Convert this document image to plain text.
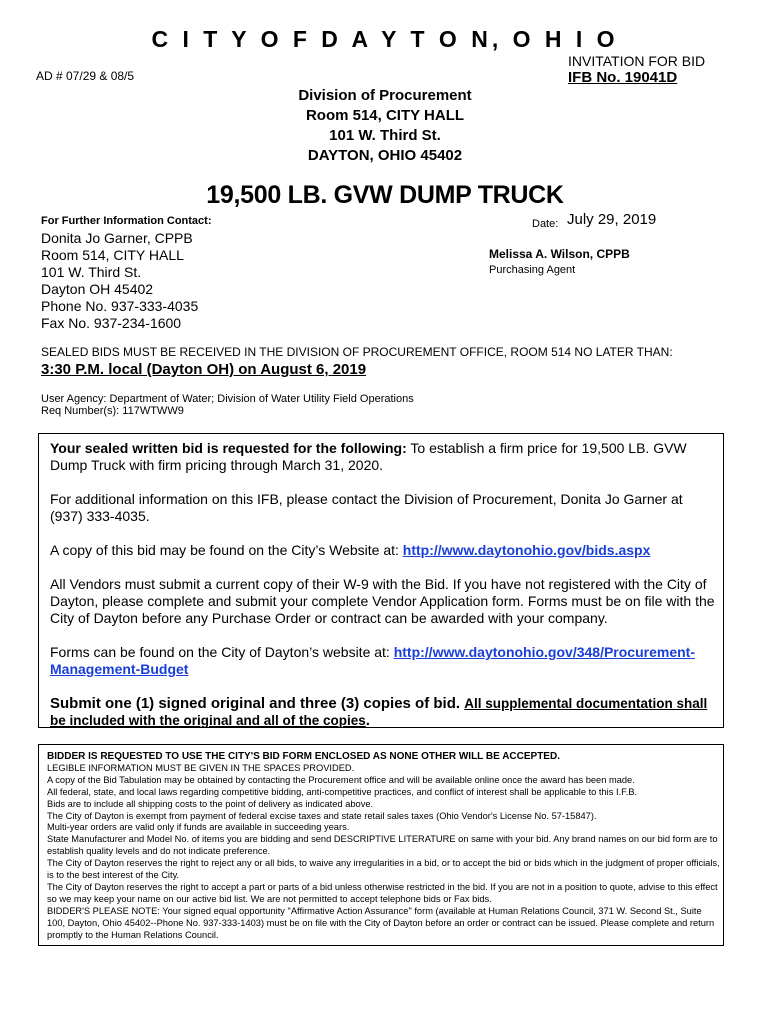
C I T Y O F D A Y T O N, O H I O
INVITATION FOR BID
IFB No. 19041D
AD # 07/29 & 08/5
Division of Procurement
Room 514, CITY HALL
101 W. Third St.
DAYTON, OHIO 45402
19,500 LB. GVW DUMP TRUCK
For Further Information Contact:	Date: July 29, 2019
Donita Jo Garner, CPPB
Room 514, CITY HALL
101 W. Third St.
Dayton OH 45402
Phone No. 937-333-4035
Fax No. 937-234-1600
Melissa A. Wilson, CPPB
Purchasing Agent
SEALED BIDS MUST BE RECEIVED IN THE DIVISION OF PROCUREMENT OFFICE, ROOM 514 NO LATER THAN:
3:30 P.M. local (Dayton OH) on August 6, 2019
User Agency: Department of Water; Division of Water Utility Field Operations
Req Number(s): 117WTWW9

Your sealed written bid is requested for the following: To establish a firm price for 19,500 LB. GVW Dump Truck with firm pricing through March 31, 2020.

For additional information on this IFB, please contact the Division of Procurement, Donita Jo Garner at (937) 333-4035.

A copy of this bid may be found on the City’s Website at: http://www.daytonohio.gov/bids.aspx

All Vendors must submit a current copy of their W-9 with the Bid. If you have not registered with the City of Dayton, please complete and submit your complete Vendor Application form. Forms must be on file with the City of Dayton before any Purchase Order or contract can be awarded with your company.

Forms can be found on the City of Dayton’s website at: http://www.daytonohio.gov/348/Procurement-Management-Budget

Submit one (1) signed original and three (3) copies of bid. All supplemental documentation shall be included with the original and all of the copies.

BIDDER IS REQUESTED TO USE THE CITY'S BID FORM ENCLOSED AS NONE OTHER WILL BE ACCEPTED.
LEGIBLE INFORMATION MUST BE GIVEN IN THE SPACES PROVIDED.
A copy of the Bid Tabulation may be obtained by contacting the Procurement office and will be available online once the award has been made.
All federal, state, and local laws regarding competitive bidding, anti-competitive practices, and conflict of interest shall be applicable to this I.F.B.
Bids are to include all shipping costs to the point of delivery as indicated above.
The City of Dayton is exempt from payment of federal excise taxes and state retail sales taxes (Ohio Vendor's License No. 57-15847).
Multi-year orders are valid only if funds are available in succeeding years.
State Manufacturer and Model No. of items you are bidding and send DESCRIPTIVE LITERATURE on same with your bid. Any brand names on our bid form are to establish quality levels and do not indicate preference.
The City of Dayton reserves the right to reject any or all bids, to waive any irregularities in a bid, or to accept the bid or bids which in the judgment of proper officials, is to the best interest of the City.
The City of Dayton reserves the right to accept a part or parts of a bid unless otherwise restricted in the bid. If you are not in a position to quote, advise to this effect so we may keep your name on our active bid list. We are not permitted to accept telephone bids or Fax bids.
BIDDER'S PLEASE NOTE: Your signed equal opportunity "Affirmative Action Assurance" form (available at Human Relations Council, 371 W. Second St., Suite 100, Dayton, Ohio 45402--Phone No. 937-333-1403) must be on file with the City of Dayton before an order or contract can be issued. Please complete and return promptly to the Human Relations Council.
